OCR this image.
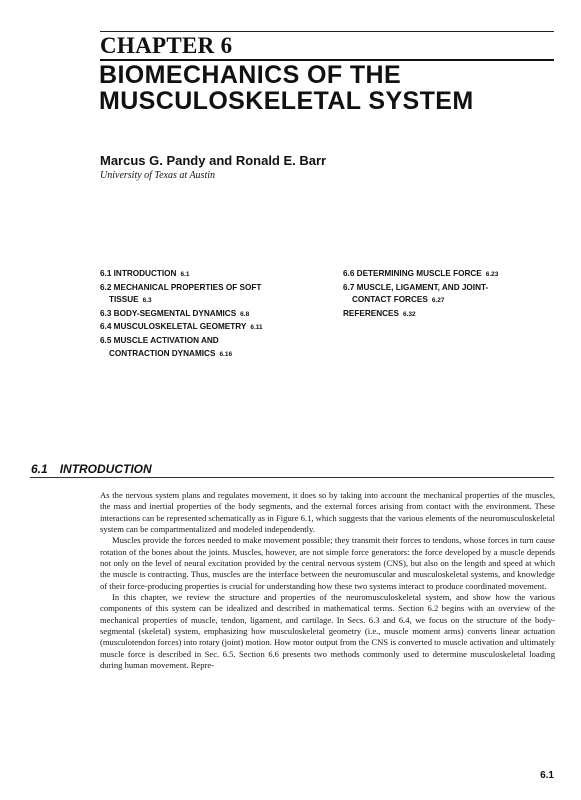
CHAPTER 6
BIOMECHANICS OF THE
MUSCULOSKELETAL SYSTEM
Marcus G. Pandy and Ronald E. Barr
University of Texas at Austin
6.1 INTRODUCTION 6.1
6.2 MECHANICAL PROPERTIES OF SOFT
TISSUE 6.3
6.3 BODY-SEGMENTAL DYNAMICS 6.8
6.4 MUSCULOSKELETAL GEOMETRY 6.11
6.5 MUSCLE ACTIVATION AND
CONTRACTION DYNAMICS 6.16
6.6 DETERMINING MUSCLE FORCE 6.23
6.7 MUSCLE, LIGAMENT, AND JOINT-
CONTACT FORCES 6.27
REFERENCES 6.32
6.1 INTRODUCTION

As the nervous system plans and regulates movement, it does so by taking into account the mechanical properties of the muscles, the mass and inertial properties of the body segments, and the external forces arising from contact with the environment. These interactions can be represented schematically as in Figure 6.1, which suggests that the various elements of the neuromusculoskeletal system can be compartmentalized and modeled independently.

Muscles provide the forces needed to make movement possible; they transmit their forces to tendons, whose forces in turn cause rotation of the bones about the joints. Muscles, however, are not simple force generators: the force developed by a muscle depends not only on the level of neural excitation provided by the central nervous system (CNS), but also on the length and speed at which the muscle is contracting. Thus, muscles are the interface between the neuromuscular and musculoskeletal systems, and knowledge of their force-producing properties is crucial for understanding how these two systems interact to produce coordinated movement.

In this chapter, we review the structure and properties of the neuromusculoskeletal system, and show how the various components of this system can be idealized and described in mathematical terms. Section 6.2 begins with an overview of the mechanical properties of muscle, tendon, ligament, and cartilage. In Secs. 6.3 and 6.4, we focus on the structure of the body-segmental (skeletal) system, emphasizing how musculoskeletal geometry (i.e., muscle moment arms) converts linear actuation (musculotendon forces) into rotary (joint) motion. How motor output from the CNS is converted to muscle activation and ultimately muscle force is described in Sec. 6.5. Section 6.6 presents two methods commonly used to determine musculoskeletal loading during human movement. Repre-

6.1
